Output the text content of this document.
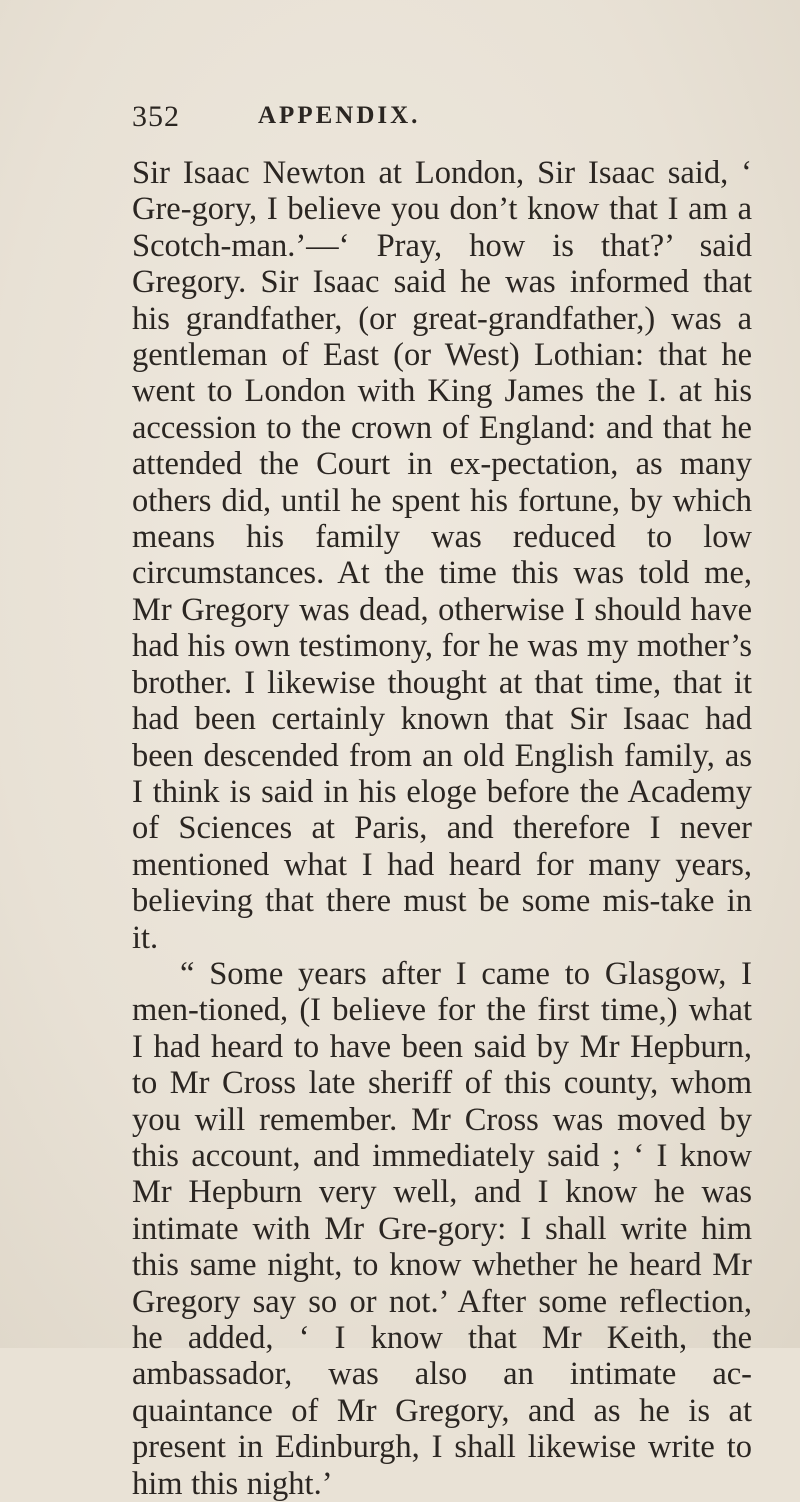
352	APPENDIX.

Sir Isaac Newton at London, Sir Isaac said, ‘ Gre-gory, I believe you don’t know that I am a Scotch-man.’—‘ Pray, how is that?’ said Gregory. Sir Isaac said he was informed that his grandfather, (or great-grandfather,) was a gentleman of East (or West) Lothian: that he went to London with King James the I. at his accession to the crown of England: and that he attended the Court in ex-pectation, as many others did, until he spent his fortune, by which means his family was reduced to low circumstances. At the time this was told me, Mr Gregory was dead, otherwise I should have had his own testimony, for he was my mother’s brother. I likewise thought at that time, that it had been certainly known that Sir Isaac had been descended from an old English family, as I think is said in his eloge before the Academy of Sciences at Paris, and therefore I never mentioned what I had heard for many years, believing that there must be some mis-take in it.

“ Some years after I came to Glasgow, I men-tioned, (I believe for the first time,) what I had heard to have been said by Mr Hepburn, to Mr Cross late sheriff of this county, whom you will remember. Mr Cross was moved by this account, and immediately said ; ‘ I know Mr Hepburn very well, and I know he was intimate with Mr Gre-gory: I shall write him this same night, to know whether he heard Mr Gregory say so or not.’ After some reflection, he added, ‘ I know that Mr Keith, the ambassador, was also an intimate ac-quaintance of Mr Gregory, and as he is at present in Edinburgh, I shall likewise write to him this night.’
